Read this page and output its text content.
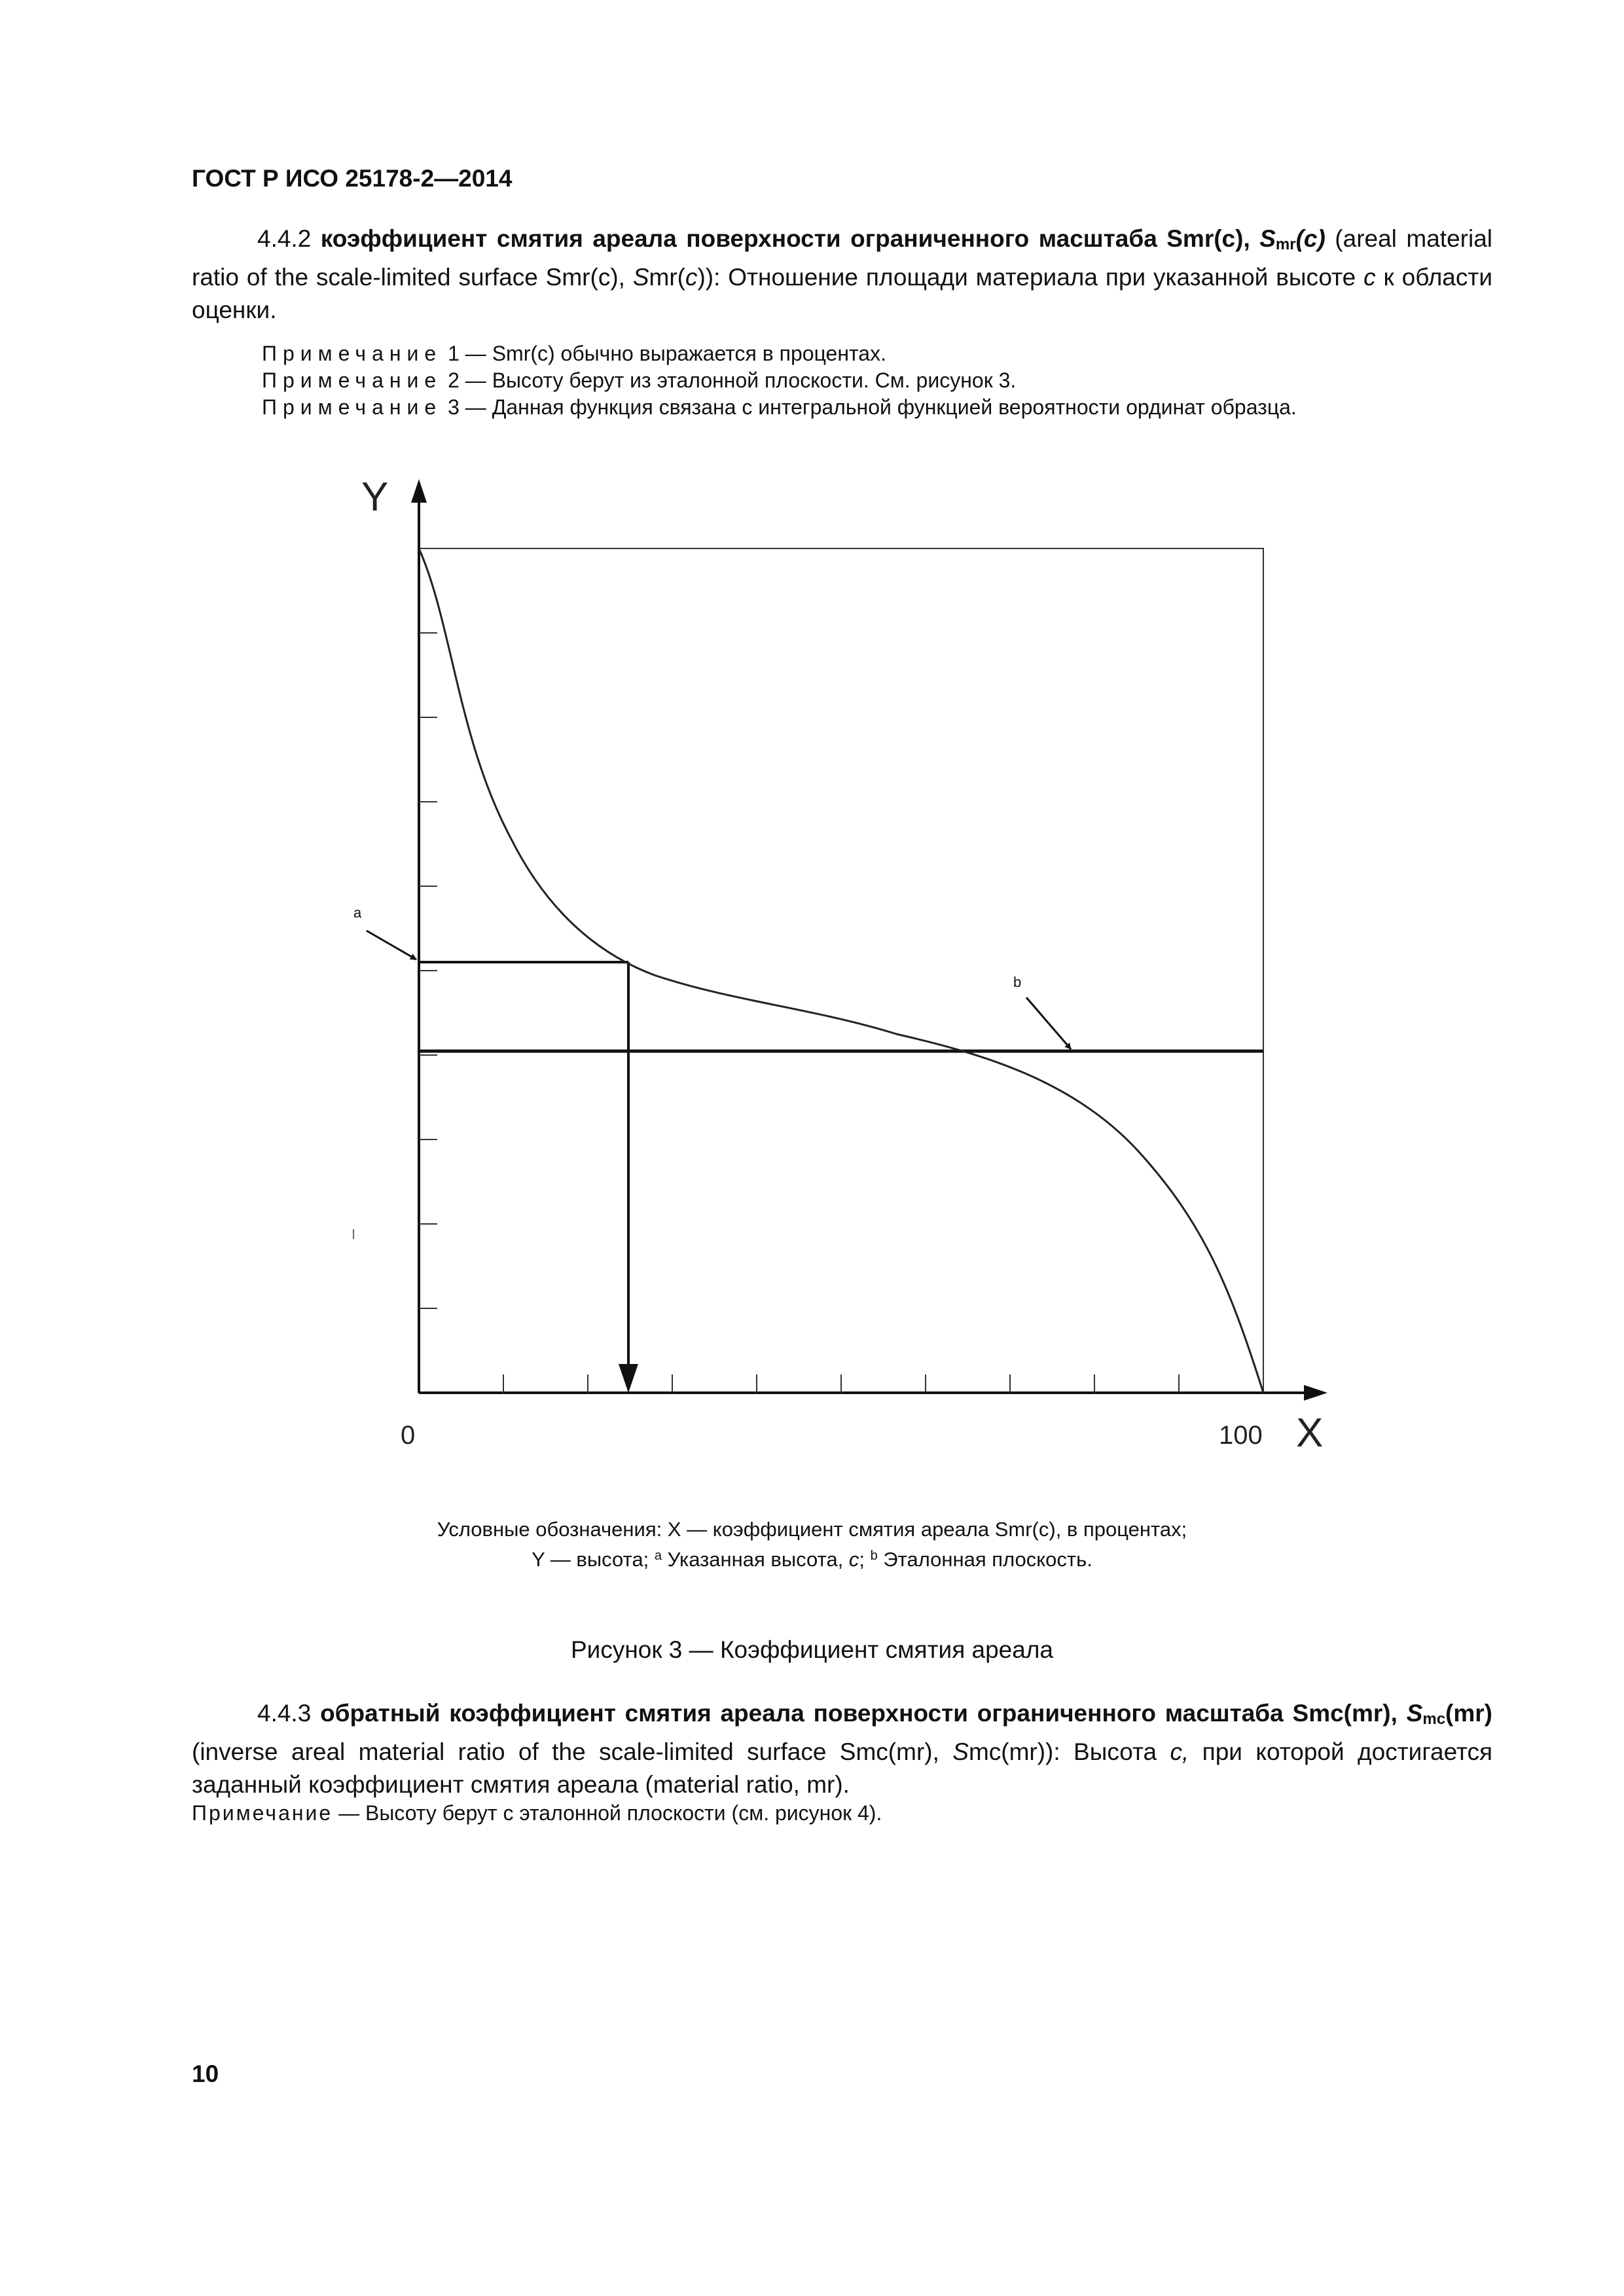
ГОСТ Р ИСО 25178-2—2014

4.4.2 коэффициент смятия ареала поверхности ограниченного масштаба Smr(c), $S_{mr}(c)$ (areal material ratio of the scale-limited surface Smr(c), Smr(c)): Отношение площади материала при указанной высоте c к области оценки.

Примечание 1 — Smr(c) обычно выражается в процентах.
Примечание 2 — Высоту берут из эталонной плоскости. См. рисунок 3.
Примечание 3 — Данная функция связана с интегральной функцией вероятности ординат образца.
a
b
Y
X
0	100
Условные обозначения: X — коэффициент смятия ареала Smr(c), в процентах;
Y — высота; $^a$ Указанная высота, c; $^b$ Эталонная плоскость.
Рисунок 3 — Коэффициент смятия ареала

4.4.3 обратный коэффициент смятия ареала поверхности ограниченного масштаба Smc(mr), $S_{mc}(mr)$ (inverse areal material ratio of the scale-limited surface Smc(mr), Smc(mr)): Высота c, при которой достигается заданный коэффициент смятия ареала (material ratio, mr).

Примечание — Высоту берут с эталонной плоскости (см. рисунок 4).
10
